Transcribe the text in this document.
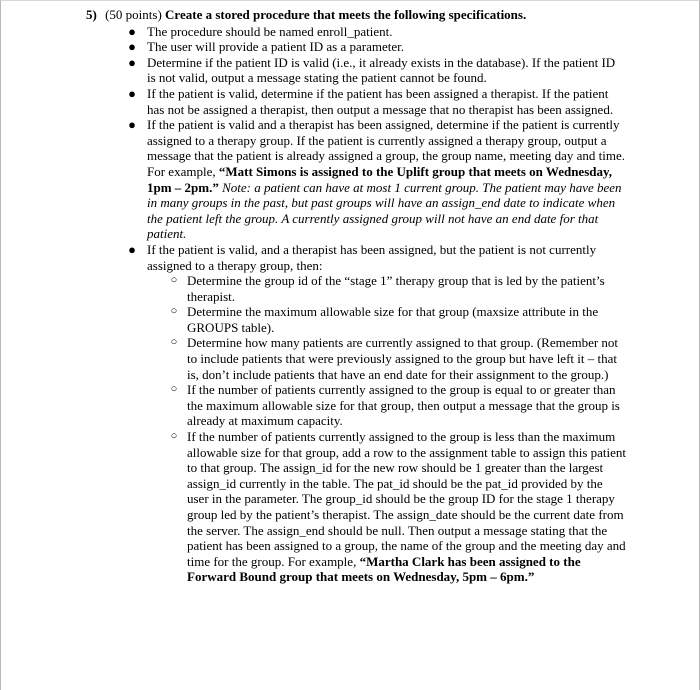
5) (50 points) Create a stored procedure that meets the following specifications.

● The procedure should be named enroll_patient.

● The user will provide a patient ID as a parameter.

● Determine if the patient ID is valid (i.e., it already exists in the database). If the patient ID is not valid, output a message stating the patient cannot be found.

● If the patient is valid, determine if the patient has been assigned a therapist. If the patient has not be assigned a therapist, then output a message that no therapist has been assigned.

● If the patient is valid and a therapist has been assigned, determine if the patient is currently assigned to a therapy group. If the patient is currently assigned a therapy group, output a message that the patient is already assigned a group, the group name, meeting day and time. For example, “Matt Simons is assigned to the Uplift group that meets on Wednesday, 1pm – 2pm.” Note: a patient can have at most 1 current group. The patient may have been in many groups in the past, but past groups will have an assign_end date to indicate when the patient left the group. A currently assigned group will not have an end date for that patient.

● If the patient is valid, and a therapist has been assigned, but the patient is not currently assigned to a therapy group, then:

○ Determine the group id of the “stage 1” therapy group that is led by the patient’s therapist.

○ Determine the maximum allowable size for that group (maxsize attribute in the GROUPS table).

○ Determine how many patients are currently assigned to that group. (Remember not to include patients that were previously assigned to the group but have left it – that is, don’t include patients that have an end date for their assignment to the group.)

○ If the number of patients currently assigned to the group is equal to or greater than the maximum allowable size for that group, then output a message that the group is already at maximum capacity.

○ If the number of patients currently assigned to the group is less than the maximum allowable size for that group, add a row to the assignment table to assign this patient to that group. The assign_id for the new row should be 1 greater than the largest assign_id currently in the table. The pat_id should be the pat_id provided by the user in the parameter. The group_id should be the group ID for the stage 1 therapy group led by the patient’s therapist. The assign_date should be the current date from the server. The assign_end should be null. Then output a message stating that the patient has been assigned to a group, the name of the group and the meeting day and time for the group. For example, “Martha Clark has been assigned to the Forward Bound group that meets on Wednesday, 5pm – 6pm.”
